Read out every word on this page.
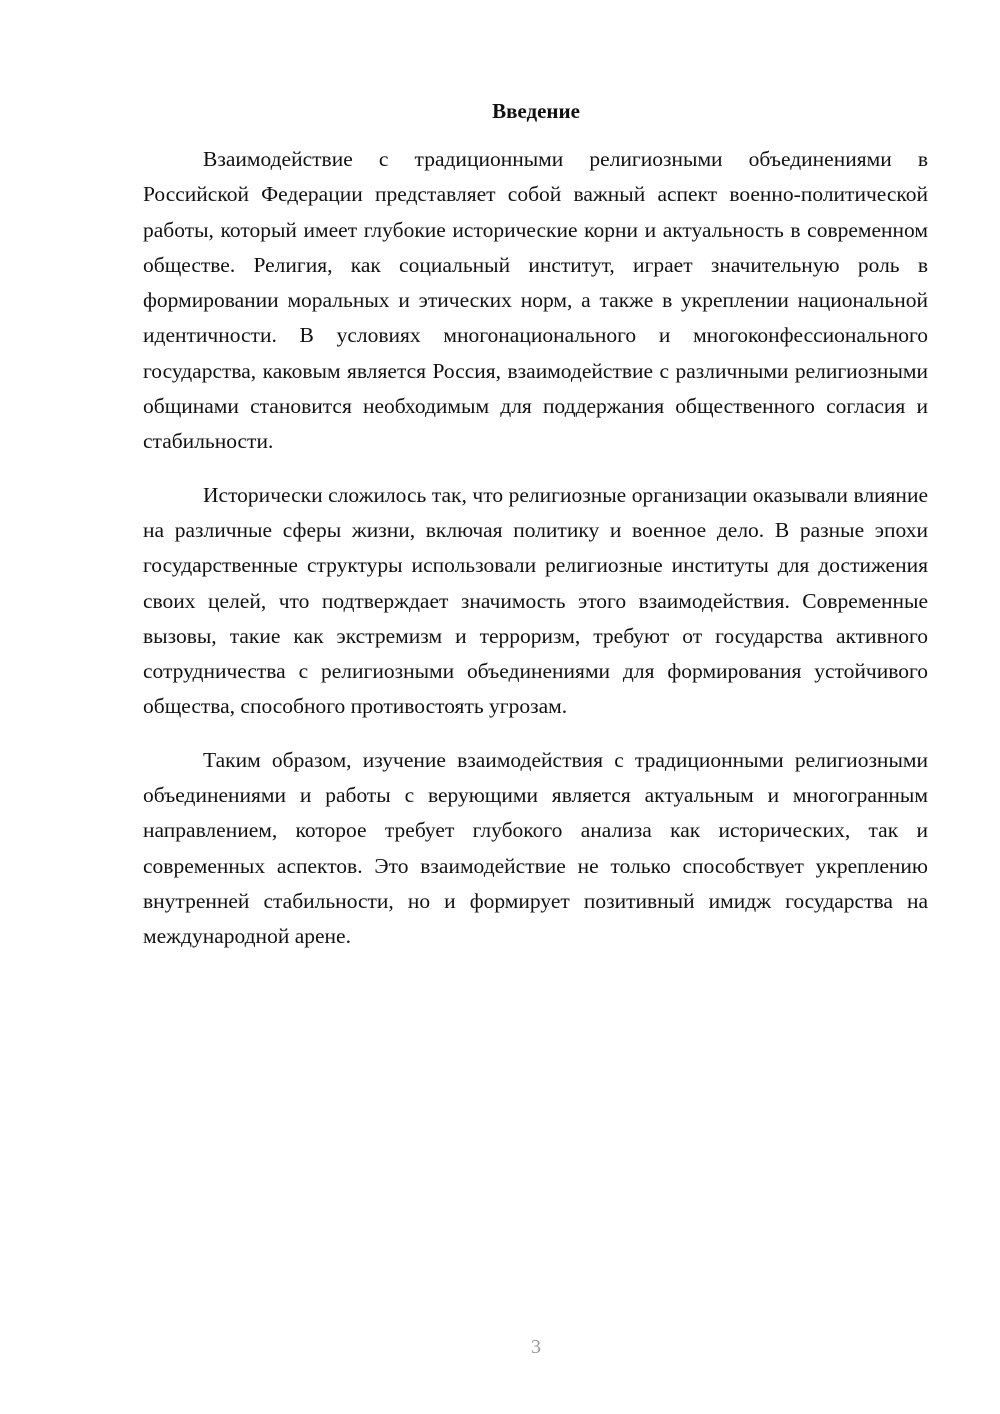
Введение

Взаимодействие с традиционными религиозными объединениями в Российской Федерации представляет собой важный аспект военно-политической работы, который имеет глубокие исторические корни и актуальность в современном обществе. Религия, как социальный институт, играет значительную роль в формировании моральных и этических норм, а также в укреплении национальной идентичности. В условиях многонационального и многоконфессионального государства, каковым является Россия, взаимодействие с различными религиозными общинами становится необходимым для поддержания общественного согласия и стабильности.

Исторически сложилось так, что религиозные организации оказывали влияние на различные сферы жизни, включая политику и военное дело. В разные эпохи государственные структуры использовали религиозные институты для достижения своих целей, что подтверждает значимость этого взаимодействия. Современные вызовы, такие как экстремизм и терроризм, требуют от государства активного сотрудничества с религиозными объединениями для формирования устойчивого общества, способного противостоять угрозам.

Таким образом, изучение взаимодействия с традиционными религиозными объединениями и работы с верующими является актуальным и многогранным направлением, которое требует глубокого анализа как исторических, так и современных аспектов. Это взаимодействие не только способствует укреплению внутренней стабильности, но и формирует позитивный имидж государства на международной арене.

3
